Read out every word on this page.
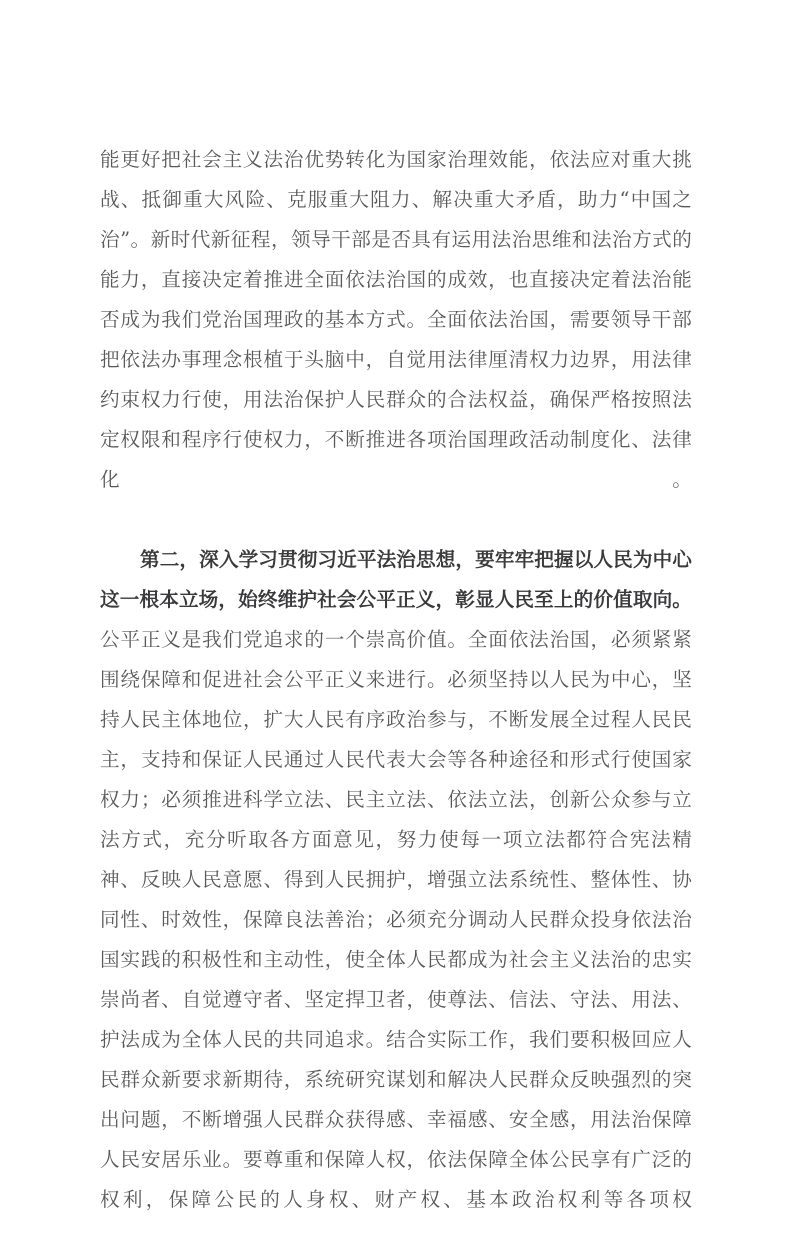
能更好把社会主义法治优势转化为国家治理效能，依法应对重大挑战、抵御重大风险、克服重大阻力、解决重大矛盾，助力“中国之治”。新时代新征程，领导干部是否具有运用法治思维和法治方式的能力，直接决定着推进全面依法治国的成效，也直接决定着法治能否成为我们党治国理政的基本方式。全面依法治国，需要领导干部把依法办事理念根植于头脑中，自觉用法律厘清权力边界，用法律约束权力行使，用法治保护人民群众的合法权益，确保严格按照法定权限和程序行使权力，不断推进各项治国理政活动制度化、法律化。

第二，深入学习贯彻习近平法治思想，要牢牢把握以人民为中心这一根本立场，始终维护社会公平正义，彰显人民至上的价值取向。公平正义是我们党追求的一个崇高价值。全面依法治国，必须紧紧围绕保障和促进社会公平正义来进行。必须坚持以人民为中心，坚持人民主体地位，扩大人民有序政治参与，不断发展全过程人民民主，支持和保证人民通过人民代表大会等各种途径和形式行使国家权力；必须推进科学立法、民主立法、依法立法，创新公众参与立法方式，充分听取各方面意见，努力使每一项立法都符合宪法精神、反映人民意愿、得到人民拥护，增强立法系统性、整体性、协同性、时效性，保障良法善治；必须充分调动人民群众投身依法治国实践的积极性和主动性，使全体人民都成为社会主义法治的忠实崇尚者、自觉遵守者、坚定捍卫者，使尊法、信法、守法、用法、护法成为全体人民的共同追求。结合实际工作，我们要积极回应人民群众新要求新期待，系统研究谋划和解决人民群众反映强烈的突出问题，不断增强人民群众获得感、幸福感、安全感，用法治保障人民安居乐业。要尊重和保障人权，依法保障全体公民享有广泛的权利，保障公民的人身权、财产权、基本政治权利等各项权
